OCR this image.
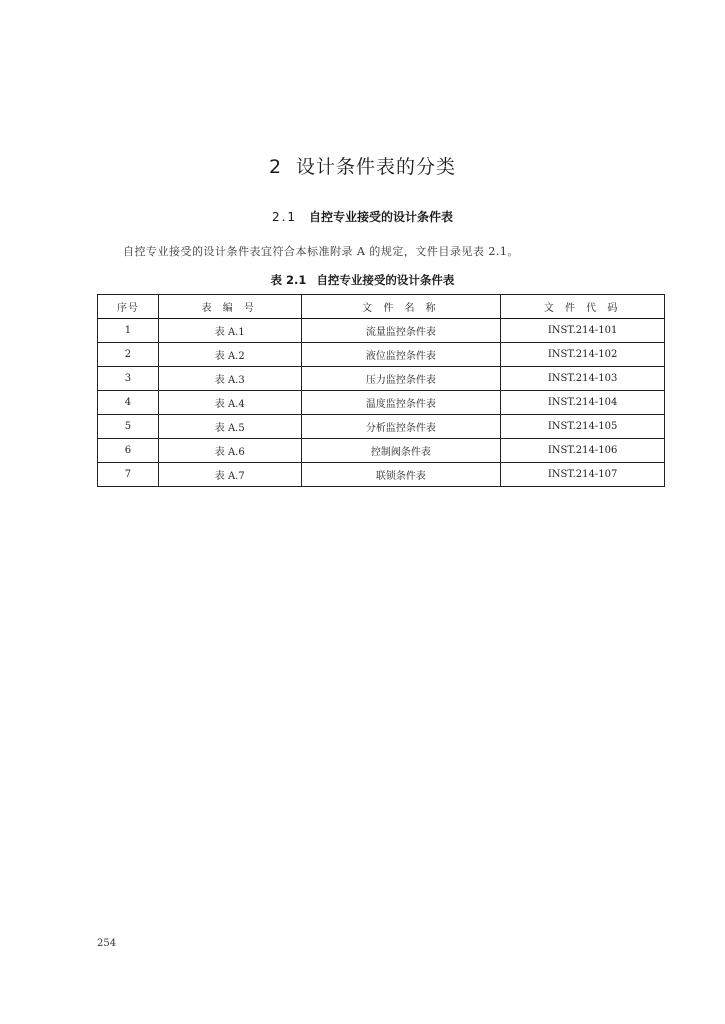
2 设计条件表的分类
2.1 自控专业接受的设计条件表
自控专业接受的设计条件表宜符合本标准附录 A 的规定，文件目录见表 2.1。
表 2.1 自控专业接受的设计条件表
序号	表 编 号	文 件 名 称	文 件 代 码
1	表 A.1	流量监控条件表	INST.214-101
2	表 A.2	液位监控条件表	INST.214-102
3	表 A.3	压力监控条件表	INST.214-103
4	表 A.4	温度监控条件表	INST.214-104
5	表 A.5	分析监控条件表	INST.214-105
6	表 A.6	控制阀条件表	INST.214-106
7	表 A.7	联锁条件表	INST.214-107
254
